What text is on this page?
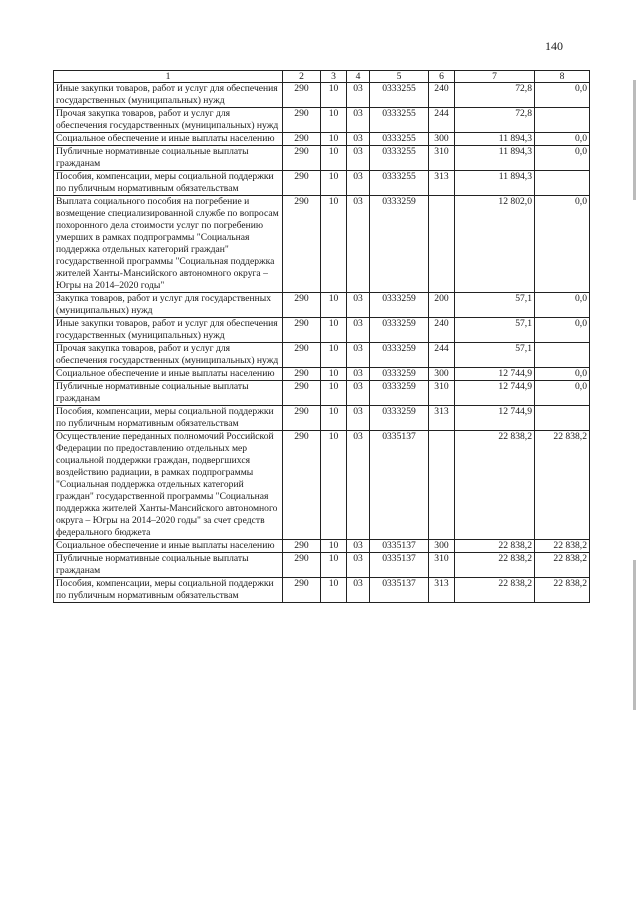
140
1	2	3	4	5	6	7	8
Иные закупки товаров, работ и услуг для обеспечения государственных (муниципальных) нужд	290	10	03	0333255	240	72,8	0,0
Прочая закупка товаров, работ и услуг для обеспечения государственных (муниципальных) нужд	290	10	03	0333255	244	72,8	
Социальное обеспечение и иные выплаты населению	290	10	03	0333255	300	11 894,3	0,0
Публичные нормативные социальные выплаты гражданам	290	10	03	0333255	310	11 894,3	0,0
Пособия, компенсации, меры социальной поддержки по публичным нормативным обязательствам	290	10	03	0333255	313	11 894,3	
Выплата социального пособия на погребение и возмещение специализированной службе по вопросам похоронного дела стоимости услуг по погребению умерших в рамках подпрограммы "Социальная поддержка отдельных категорий граждан" государственной программы "Социальная поддержка жителей Ханты-Мансийского автономного округа – Югры на 2014–2020 годы"	290	10	03	0333259		12 802,0	0,0
Закупка товаров, работ и услуг для государственных (муниципальных) нужд	290	10	03	0333259	200	57,1	0,0
Иные закупки товаров, работ и услуг для обеспечения государственных (муниципальных) нужд	290	10	03	0333259	240	57,1	0,0
Прочая закупка товаров, работ и услуг для обеспечения государственных (муниципальных) нужд	290	10	03	0333259	244	57,1	
Социальное обеспечение и иные выплаты населению	290	10	03	0333259	300	12 744,9	0,0
Публичные нормативные социальные выплаты гражданам	290	10	03	0333259	310	12 744,9	0,0
Пособия, компенсации, меры социальной поддержки по публичным нормативным обязательствам	290	10	03	0333259	313	12 744,9	
Осуществление переданных полномочий Российской Федерации по предоставлению отдельных мер социальной поддержки граждан, подвергшихся воздействию радиации, в рамках подпрограммы "Социальная поддержка отдельных категорий граждан" государственной программы "Социальная поддержка жителей Ханты-Мансийского автономного округа – Югры на 2014–2020 годы" за счет средств федерального бюджета	290	10	03	0335137		22 838,2	22 838,2
Социальное обеспечение и иные выплаты населению	290	10	03	0335137	300	22 838,2	22 838,2
Публичные нормативные социальные выплаты гражданам	290	10	03	0335137	310	22 838,2	22 838,2
Пособия, компенсации, меры социальной поддержки по публичным нормативным обязательствам	290	10	03	0335137	313	22 838,2	22 838,2
